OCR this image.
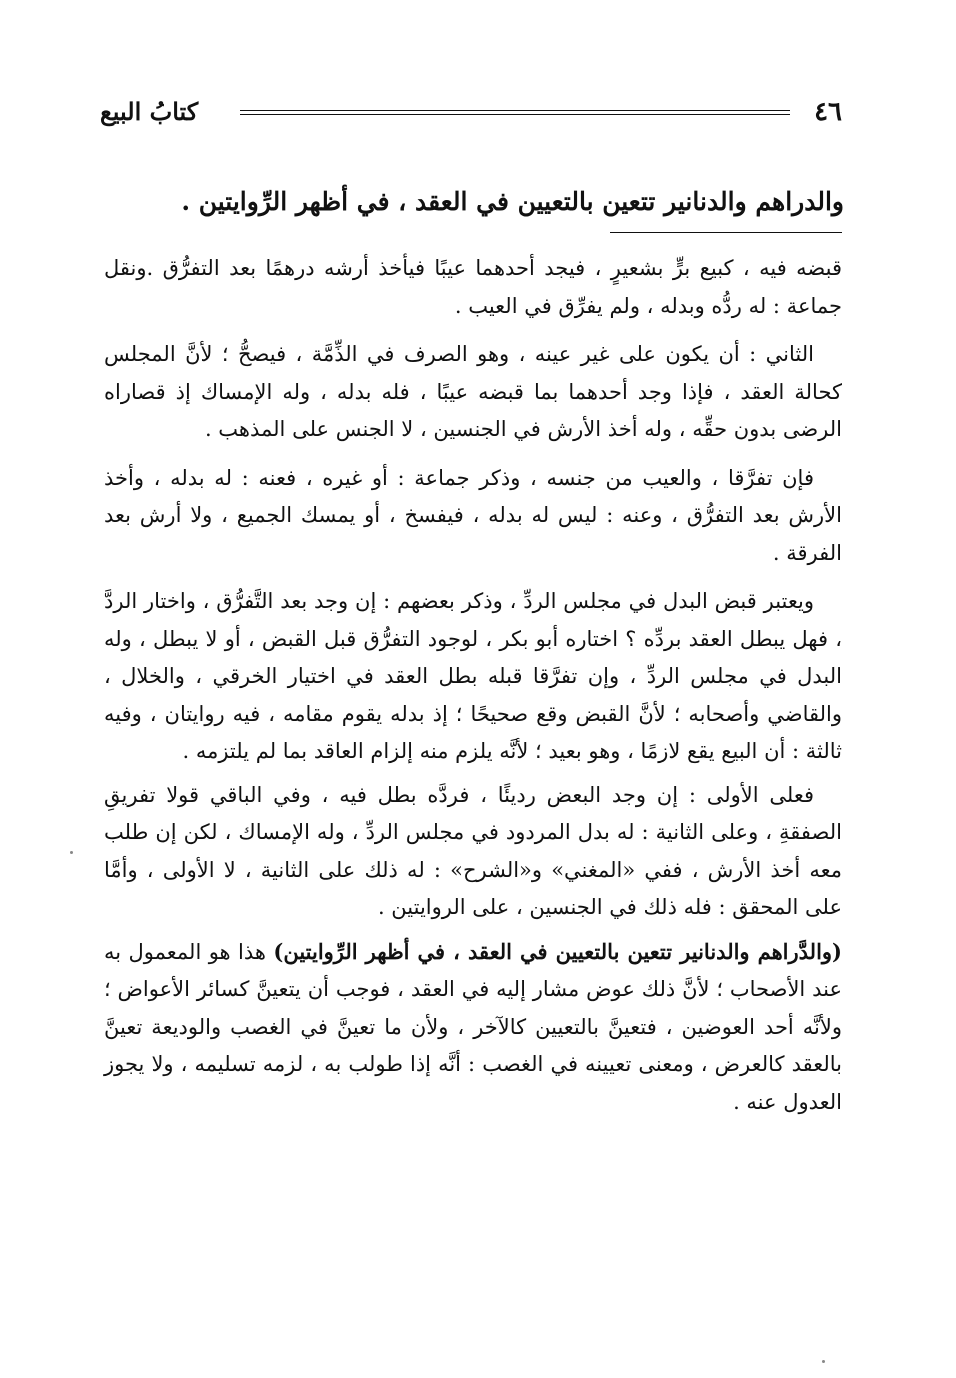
٤٦
كتابُ البيع
والدراهم والدنانير تتعين بالتعيين في العقد ، في أظهر الرِّوايتين .

قبضه فيه ، كبيع برٍّ بشعيرٍ ، فيجد أحدهما عيبًا فيأخذ أرشه درهمًا بعد التفرُّق .ونقل جماعة : له ردُّه وبدله ، ولم يفرِّق في العيب .

الثاني : أن يكون على غير عينه ، وهو الصرف في الذِّمَّة ، فيصحُّ ؛ لأنَّ المجلس كحالة العقد ، فإذا وجد أحدهما بما قبضه عيبًا ، فله بدله ، وله الإمساك إذ قصاراه الرضى بدون حقِّه ، وله أخذ الأرش في الجنسين ، لا الجنس على المذهب .

فإن تفرَّقا ، والعيب من جنسه ، وذكر جماعة : أو غيره ، فعنه : له بدله ، وأخذ الأرش بعد التفرُّق ، وعنه : ليس له بدله ، فيفسخ ، أو يمسك الجميع ، ولا أرش بعد الفرقة .

ويعتبر قبض البدل في مجلس الردِّ ، وذكر بعضهم : إن وجد بعد التَّفرُّق ، واختار الردَّ ، فهل يبطل العقد بردِّه ؟ اختاره أبو بكر ، لوجود التفرُّق قبل القبض ، أو لا يبطل ، وله البدل في مجلس الردِّ ، وإن تفرَّقا قبله بطل العقد في اختيار الخرقي ، والخلال ، والقاضي وأصحابه ؛ لأنَّ القبض وقع صحيحًا ؛ إذ بدله يقوم مقامه ، فيه روايتان ، وفيه ثالثة : أن البيع يقع لازمًا ، وهو بعيد ؛ لأنَّه يلزم منه إلزام العاقد بما لم يلتزمه .

فعلى الأولى : إن وجد البعض رديئًا ، فردَّه بطل فيه ، وفي الباقي قولا تفريقِ الصفقةِ ، وعلى الثانية : له بدل المردود في مجلس الردِّ ، وله الإمساك ، لكن إن طلب معه أخذ الأرش ، ففي «المغني» و«الشرح» : له ذلك على الثانية ، لا الأولى ، وأمَّا على المحقق : فله ذلك في الجنسين ، على الروايتين .

(والدَّراهم والدنانير تتعين بالتعيين في العقد ، في أظهر الرِّوايتين) هذا هو المعمول به عند الأصحاب ؛ لأنَّ ذلك عوض مشار إليه في العقد ، فوجب أن يتعينَّ كسائر الأعواض ؛ ولأنَّه أحد العوضين ، فتعينَّ بالتعيين كالآخر ، ولأن ما تعينَّ في الغصب والوديعة تعينَّ بالعقد كالعرض ، ومعنى تعيينه في الغصب : أنَّه إذا طولب به ، لزمه تسليمه ، ولا يجوز العدول عنه .
